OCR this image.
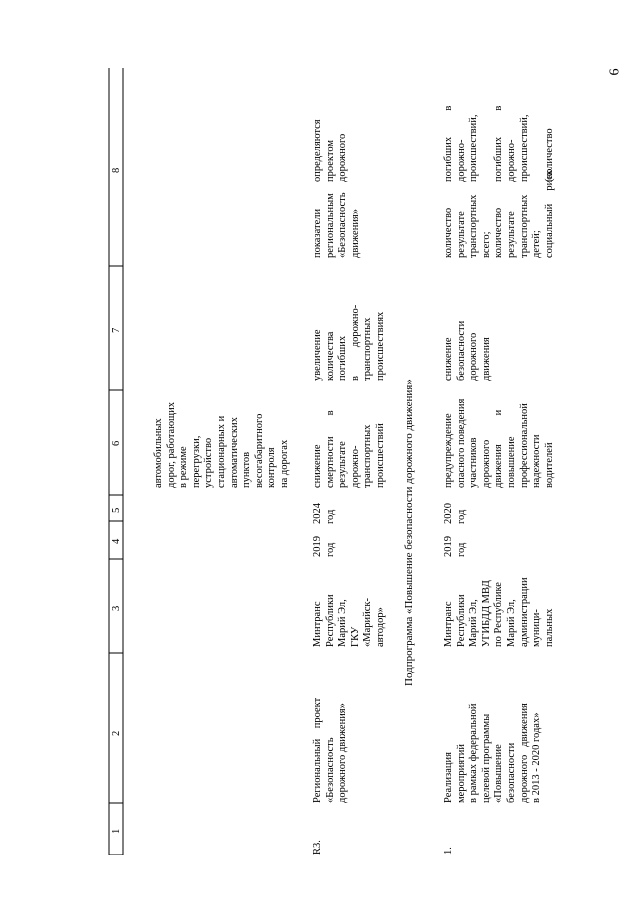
6
1
2
3
4
5
6
7
8
автомобильных
дорог, работающих
в режиме
перегрузки,
устройство
стационарных и
автоматических
пунктов
весогабаритного
контроля
на дорогах
R3.
Региональный    проект
«Безопасность
дорожного движения»
Минтранс
Республики
Марий Эл,
ГКУ
«Марийск-
автодор»
2019
год
2024
год
снижение
смертности        в
результате
дорожно-
транспортных
происшествий
увеличение
количества
погибших
в           дорожно-
транспортных
происшествиях
показатели
региональным
«Безопасность
движения»
определяются
проектом
дорожного
Подпрограмма «Повышение безопасности дорожного движения»
1.
Реализация
мероприятий
в рамках федеральной
целевой программы
«Повышение
безопасности
дорожного   движения
в 2013 - 2020 годах»
Минтранс
Республики
Марий Эл,
УГИБДД МВД
по Республике
Марий Эл,
администрации
муници-
пальных
2019
год
2020
год
предупреждение
опасного поведения
участников
дорожного
движения           и
повышение
профессиональной
надежности
водителей
снижение
безопасности
дорожного
движения
количество
результате
транспортных
всего;
количество
результате
транспортных
детей;
социальный     риск
погибших          в
дорожно-
происшествий,

погибших          в
дорожно-
происшествий,

(количество
